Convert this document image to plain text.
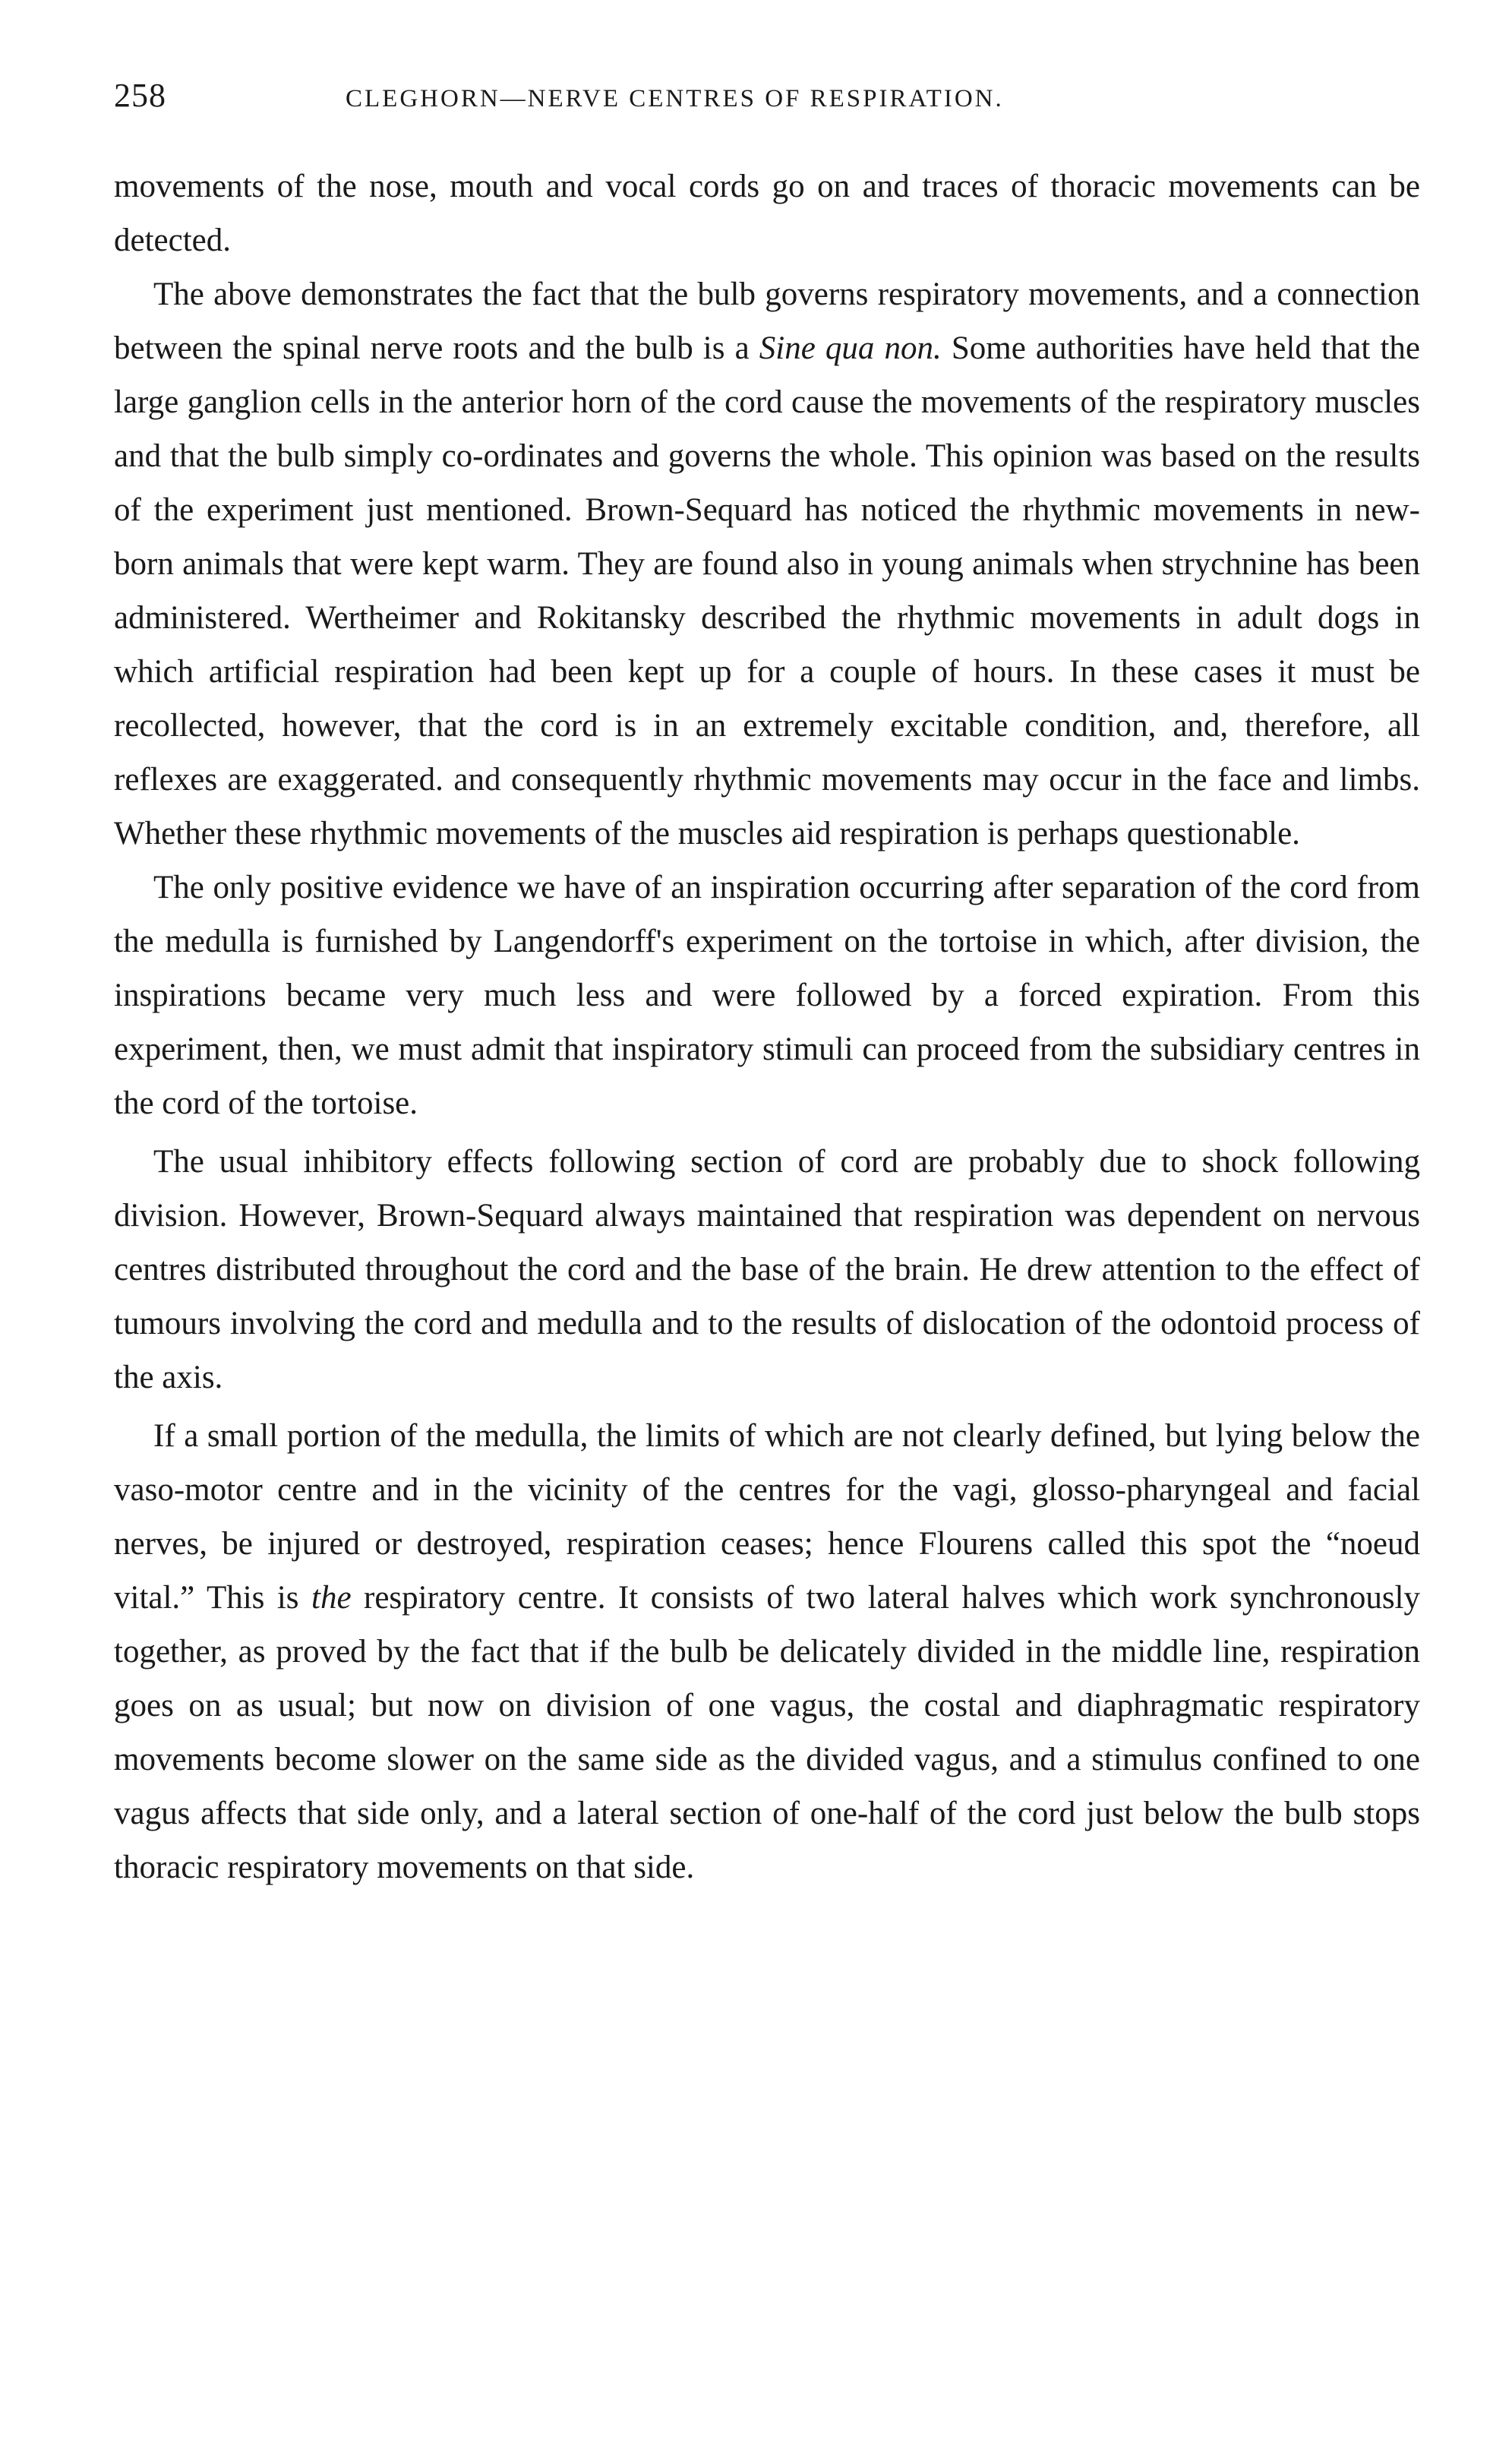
258	CLEGHORN—NERVE CENTRES OF RESPIRATION.

movements of the nose, mouth and vocal cords go on and traces of thoracic movements can be detected.

The above demonstrates the fact that the bulb governs respiratory movements, and a connection between the spinal nerve roots and the bulb is a Sine qua non. Some authorities have held that the large ganglion cells in the anterior horn of the cord cause the movements of the respiratory muscles and that the bulb simply co-ordinates and governs the whole. This opinion was based on the results of the experiment just mentioned. Brown-Sequard has noticed the rhythmic movements in new-born animals that were kept warm. They are found also in young animals when strychnine has been administered. Wertheimer and Rokitansky described the rhythmic movements in adult dogs in which artificial respiration had been kept up for a couple of hours. In these cases it must be recollected, however, that the cord is in an extremely excitable condition, and, therefore, all reflexes are exaggerated. and consequently rhythmic movements may occur in the face and limbs. Whether these rhythmic movements of the muscles aid respiration is perhaps questionable.

The only positive evidence we have of an inspiration occurring after separation of the cord from the medulla is furnished by Langendorff's experiment on the tortoise in which, after division, the inspirations became very much less and were followed by a forced expiration. From this experiment, then, we must admit that inspiratory stimuli can proceed from the subsidiary centres in the cord of the tortoise.

The usual inhibitory effects following section of cord are probably due to shock following division. However, Brown-Sequard always maintained that respiration was dependent on nervous centres distributed throughout the cord and the base of the brain. He drew attention to the effect of tumours involving the cord and medulla and to the results of dislocation of the odontoid process of the axis.

If a small portion of the medulla, the limits of which are not clearly defined, but lying below the vaso-motor centre and in the vicinity of the centres for the vagi, glosso-pharyngeal and facial nerves, be injured or destroyed, respiration ceases; hence Flourens called this spot the “noeud vital.” This is the respiratory centre. It consists of two lateral halves which work synchronously together, as proved by the fact that if the bulb be delicately divided in the middle line, respiration goes on as usual; but now on division of one vagus, the costal and diaphragmatic respiratory movements become slower on the same side as the divided vagus, and a stimulus confined to one vagus affects that side only, and a lateral section of one-half of the cord just below the bulb stops thoracic respiratory movements on that side.
